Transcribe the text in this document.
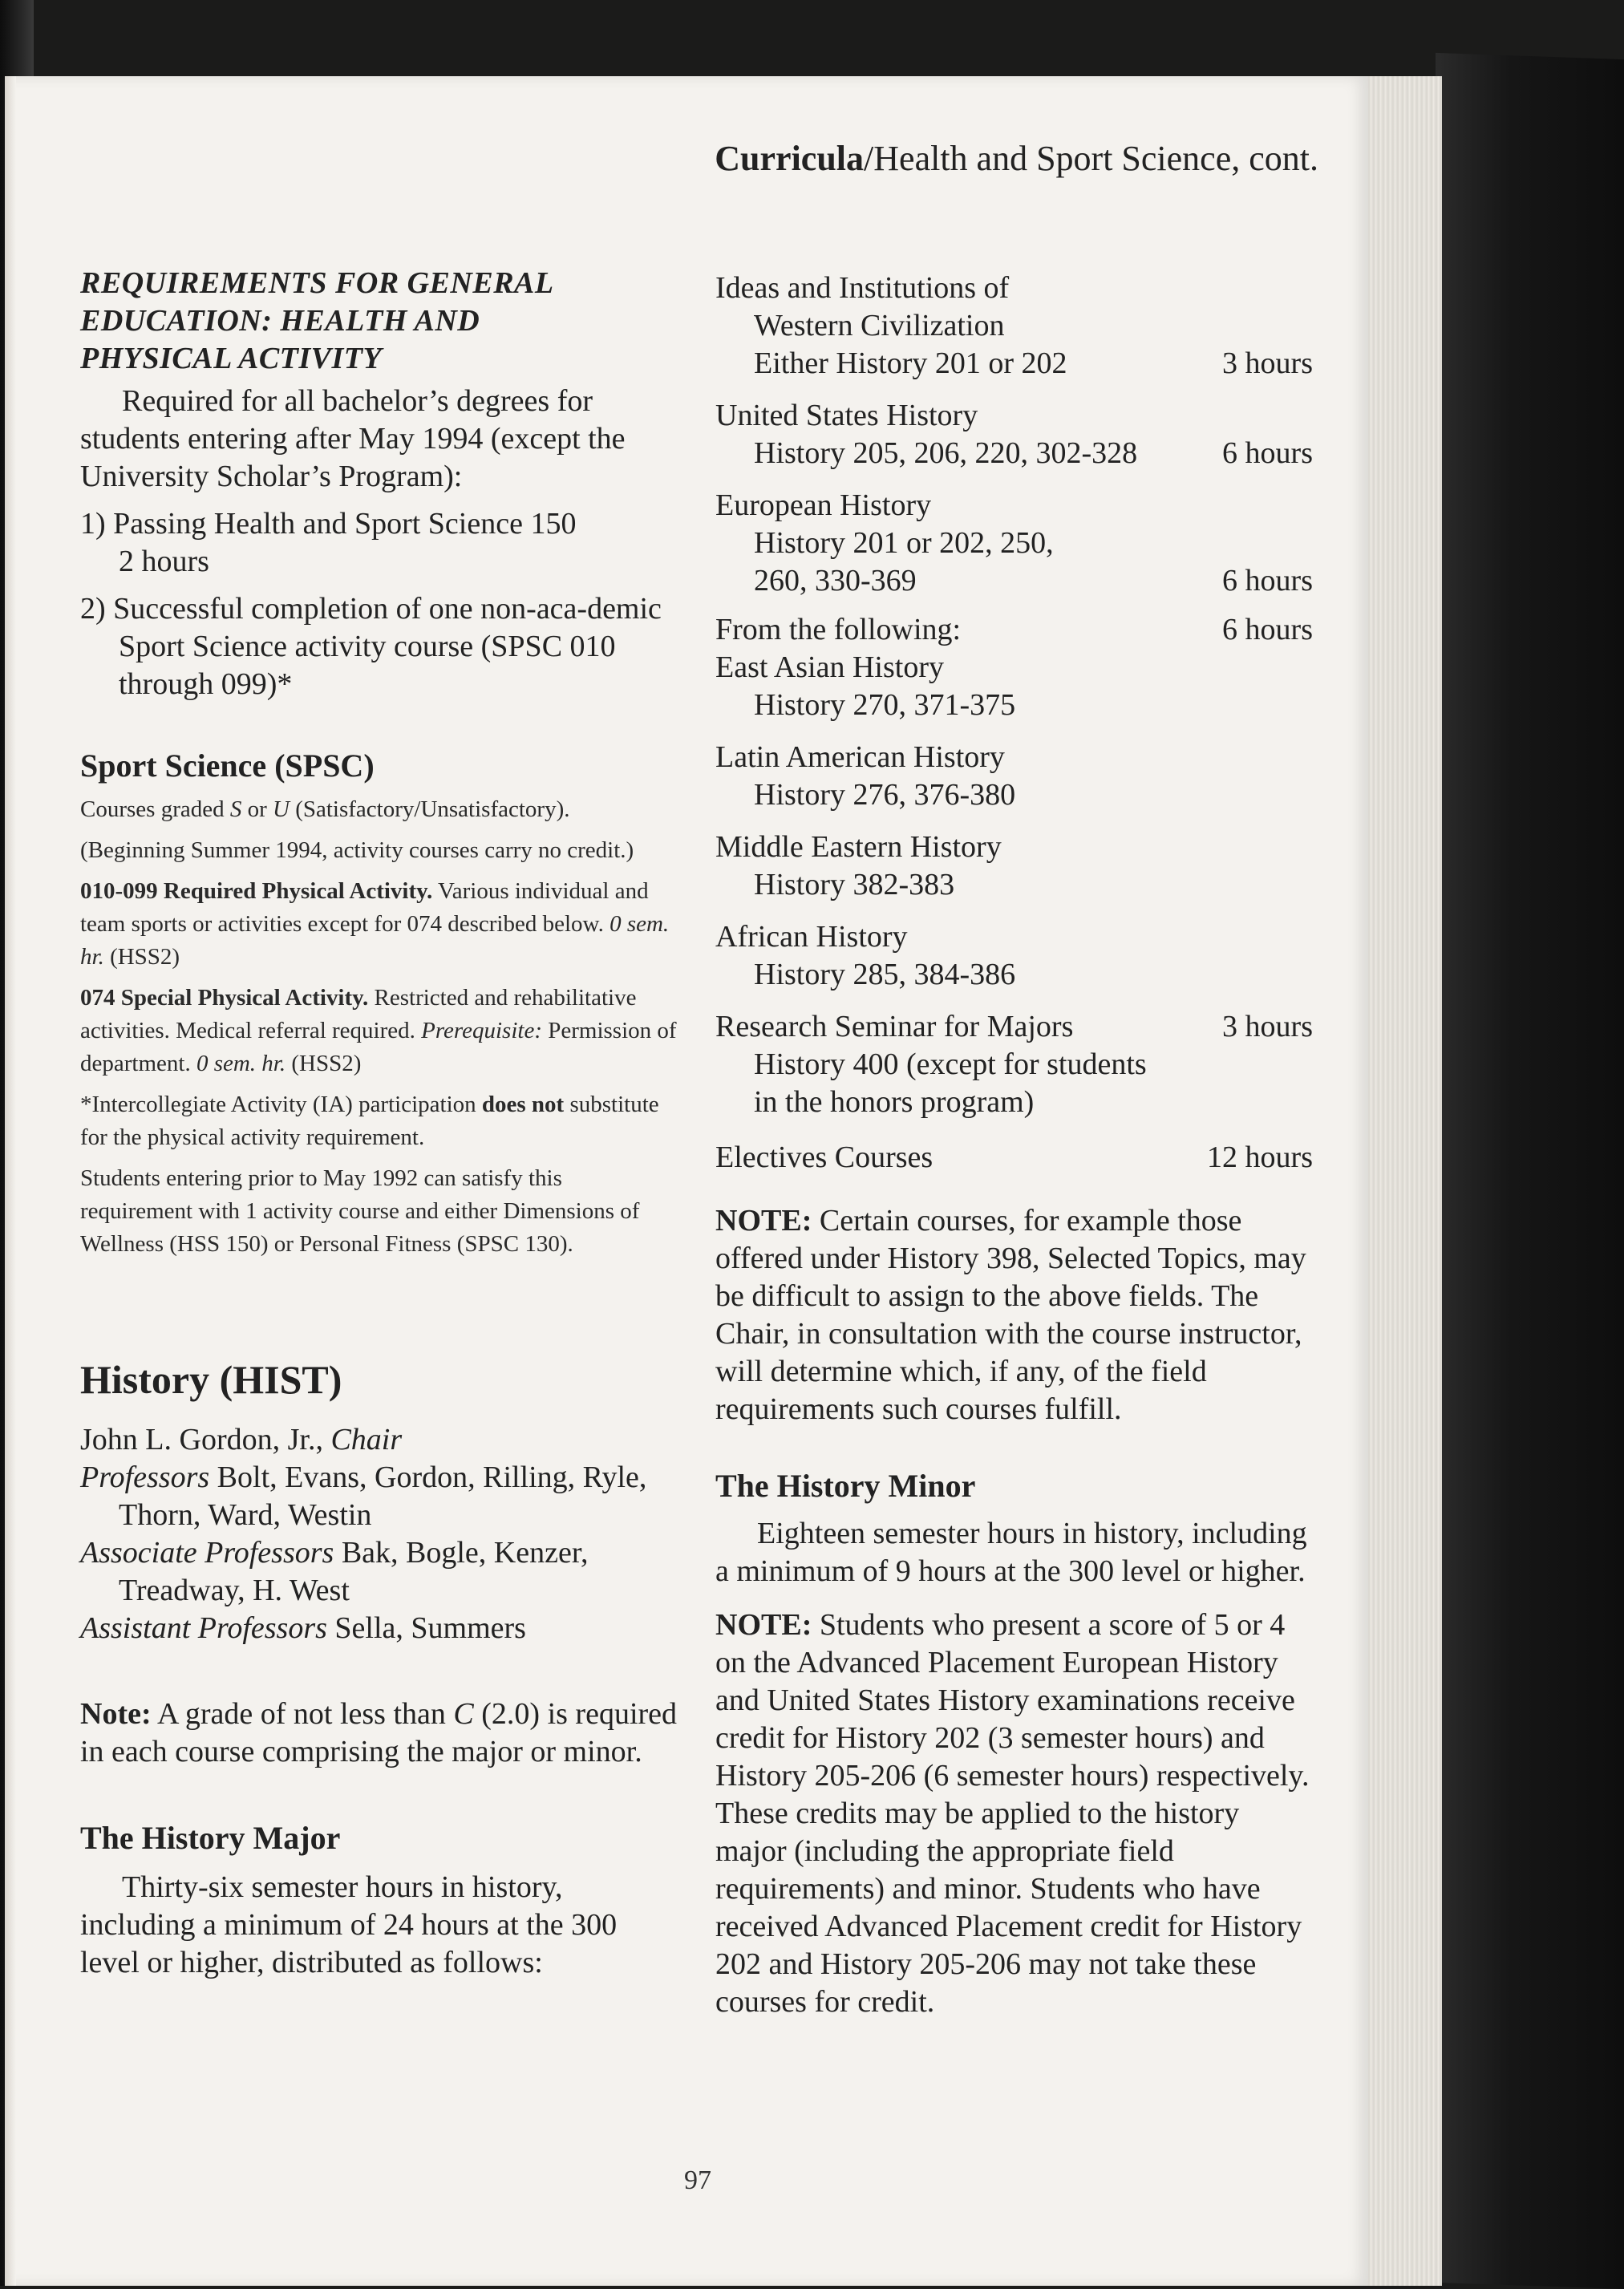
Curricula/Health and Sport Science, cont.
REQUIREMENTS FOR GENERAL
EDUCATION: HEALTH AND
PHYSICAL ACTIVITY

Required for all bachelor’s degrees for students entering after May 1994 (except the University Scholar’s Program):

1) Passing Health and Sport Science 150
2 hours
2) Successful completion of one non-aca-demic Sport Science activity course (SPSC 010 through 099)*
Sport Science (SPSC)

Courses graded S or U (Satisfactory/Unsatisfactory).

(Beginning Summer 1994, activity courses carry no credit.)

010-099 Required Physical Activity. Various individual and team sports or activities except for 074 described below. 0 sem. hr. (HSS2)

074 Special Physical Activity. Restricted and rehabilitative activities. Medical referral required. Prerequisite: Permission of department. 0 sem. hr. (HSS2)

*Intercollegiate Activity (IA) participation does not substitute for the physical activity requirement.

Students entering prior to May 1992 can satisfy this requirement with 1 activity course and either Dimensions of Wellness (HSS 150) or Personal Fitness (SPSC 130).

History (HIST)
John L. Gordon, Jr., Chair
Professors Bolt, Evans, Gordon, Rilling, Ryle, Thorn, Ward, Westin
Associate Professors Bak, Bogle, Kenzer, Treadway, H. West
Assistant Professors Sella, Summers

Note: A grade of not less than C (2.0) is required in each course comprising the major or minor.

The History Major

Thirty-six semester hours in history, including a minimum of 24 hours at the 300 level or higher, distributed as follows:

Ideas and Institutions of
Western Civilization
Either History 201 or 202	3 hours
United States History
History 205, 206, 220, 302-328	6 hours
European History
History 201 or 202, 250,
260, 330-369	6 hours
From the following:	6 hours
East Asian History
History 270, 371-375
Latin American History
History 276, 376-380
Middle Eastern History
History 382-383
African History
History 285, 384-386
Research Seminar for Majors	3 hours
History 400 (except for students
in the honors program)
Electives Courses	12 hours

NOTE: Certain courses, for example those offered under History 398, Selected Topics, may be difficult to assign to the above fields. The Chair, in consultation with the course instructor, will determine which, if any, of the field requirements such courses fulfill.

The History Minor

Eighteen semester hours in history, including a minimum of 9 hours at the 300 level or higher.

NOTE: Students who present a score of 5 or 4 on the Advanced Placement European History and United States History examinations receive credit for History 202 (3 semester hours) and History 205-206 (6 semester hours) respectively. These credits may be applied to the history major (including the appropriate field requirements) and minor. Students who have received Advanced Placement credit for History 202 and History 205-206 may not take these courses for credit.

97
